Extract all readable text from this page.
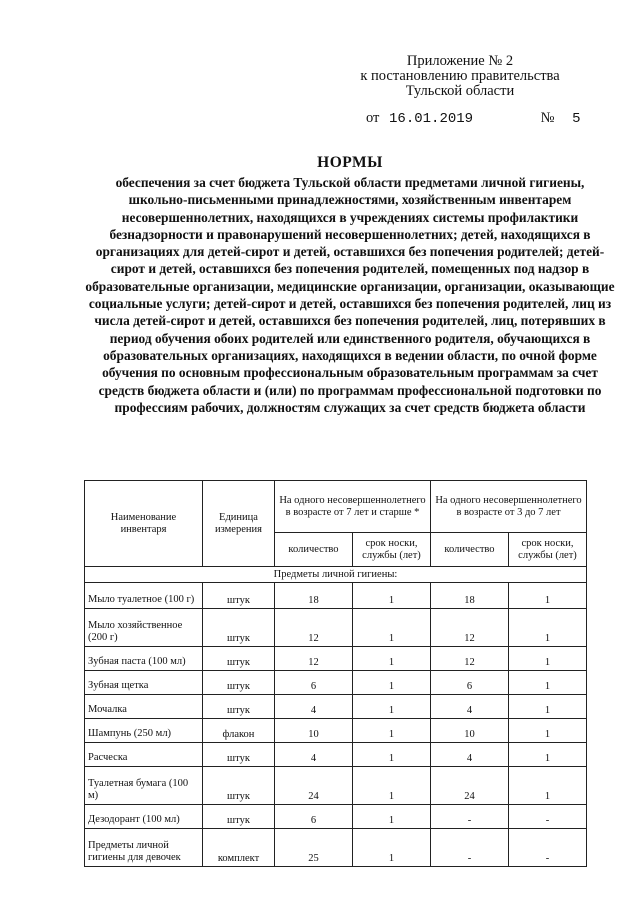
Приложение № 2
к постановлению правительства
Тульской области
от 16.01.2019	№ 5
НОРМЫ
обеспечения за счет бюджета Тульской области предметами личной гигиены, школьно-письменными принадлежностями, хозяйственным инвентарем несовершеннолетних, находящихся в учреждениях системы профилактики безнадзорности и правонарушений несовершеннолетних; детей, находящихся в организациях для детей-сирот и детей, оставшихся без попечения родителей; детей-сирот и детей, оставшихся без попечения родителей, помещенных под надзор в образовательные организации, медицинские организации, организации, оказывающие социальные услуги; детей-сирот и детей, оставшихся без попечения родителей, лиц из числа детей-сирот и детей, оставшихся без попечения родителей, лиц, потерявших в период обучения обоих родителей или единственного родителя, обучающихся в образовательных организациях, находящихся в ведении области, по очной форме обучения по основным профессиональным образовательным программам за счет средств бюджета области и (или) по программам профессиональной подготовки по профессиям рабочих, должностям служащих за счет средств бюджета области
Наименование инвентаря	Единица измерения	На одного несовершеннолетнего в возрасте от 7 лет и старше *		На одного несовершеннолетнего в возрасте от 3 до 7 лет	
		количество	срок носки, службы (лет)	количество	срок носки, службы (лет)
Предметы личной гигиены:					
Мыло туалетное (100 г)	штук	18	1	18	1
Мыло хозяйственное (200 г)	штук	12	1	12	1
Зубная паста (100 мл)	штук	12	1	12	1
Зубная щетка	штук	6	1	6	1
Мочалка	штук	4	1	4	1
Шампунь (250 мл)	флакон	10	1	10	1
Расческа	штук	4	1	4	1
Туалетная бумага (100 м)	штук	24	1	24	1
Дезодорант (100 мл)	штук	6	1	-	-
Предметы личной гигиены для девочек	комплект	25	1	-	-
